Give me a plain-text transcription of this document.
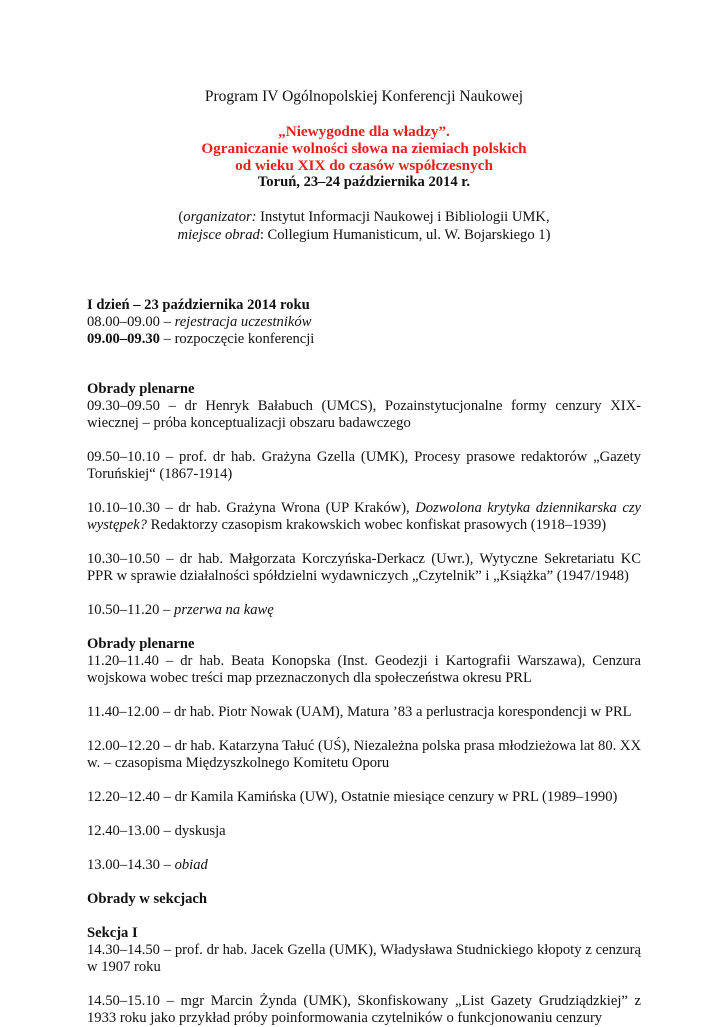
Program IV Ogólnopolskiej Konferencji Naukowej
„Niewygodne dla władzy”.
Ograniczanie wolności słowa na ziemiach polskich
od wieku XIX do czasów współczesnych
Toruń, 23–24 października 2014 r.
(organizator: Instytut Informacji Naukowej i Bibliologii UMK,
miejsce obrad: Collegium Humanisticum, ul. W. Bojarskiego 1)
I dzień – 23 października 2014 roku
08.00–09.00 – rejestracja uczestników
09.00–09.30 – rozpoczęcie konferencji
Obrady plenarne
09.30–09.50 – dr Henryk Bałabuch (UMCS), Pozainstytucjonalne formy cenzury XIX-wiecznej – próba konceptualizacji obszaru badawczego
09.50–10.10 – prof. dr hab. Grażyna Gzella (UMK), Procesy prasowe redaktorów „Gazety Toruńskiej“ (1867-1914)
10.10–10.30 – dr hab. Grażyna Wrona (UP Kraków), Dozwolona krytyka dziennikarska czy występek? Redaktorzy czasopism krakowskich wobec konfiskat prasowych (1918–1939)
10.30–10.50 – dr hab. Małgorzata Korczyńska-Derkacz (Uwr.), Wytyczne Sekretariatu KC PPR w sprawie działalności spółdzielni wydawniczych „Czytelnik” i „Książka” (1947/1948)
10.50–11.20 – przerwa na kawę
Obrady plenarne
11.20–11.40 – dr hab. Beata Konopska (Inst. Geodezji i Kartografii Warszawa), Cenzura wojskowa wobec treści map przeznaczonych dla społeczeństwa okresu PRL
11.40–12.00 – dr hab. Piotr Nowak (UAM), Matura ’83 a perlustracja korespondencji w PRL
12.00–12.20 – dr hab. Katarzyna Tałuć (UŚ), Niezależna polska prasa młodzieżowa lat 80. XX w. – czasopisma Międzyszkolnego Komitetu Oporu
12.20–12.40 – dr Kamila Kamińska (UW), Ostatnie miesiące cenzury w PRL (1989–1990)
12.40–13.00 – dyskusja
13.00–14.30 – obiad
Obrady w sekcjach
Sekcja I
14.30–14.50 – prof. dr hab. Jacek Gzella (UMK), Władysława Studnickiego kłopoty z cenzurą w 1907 roku
14.50–15.10 – mgr Marcin Żynda (UMK), Skonfiskowany „List Gazety Grudziądzkiej” z 1933 roku jako przykład próby poinformowania czytelników o funkcjonowaniu cenzury
